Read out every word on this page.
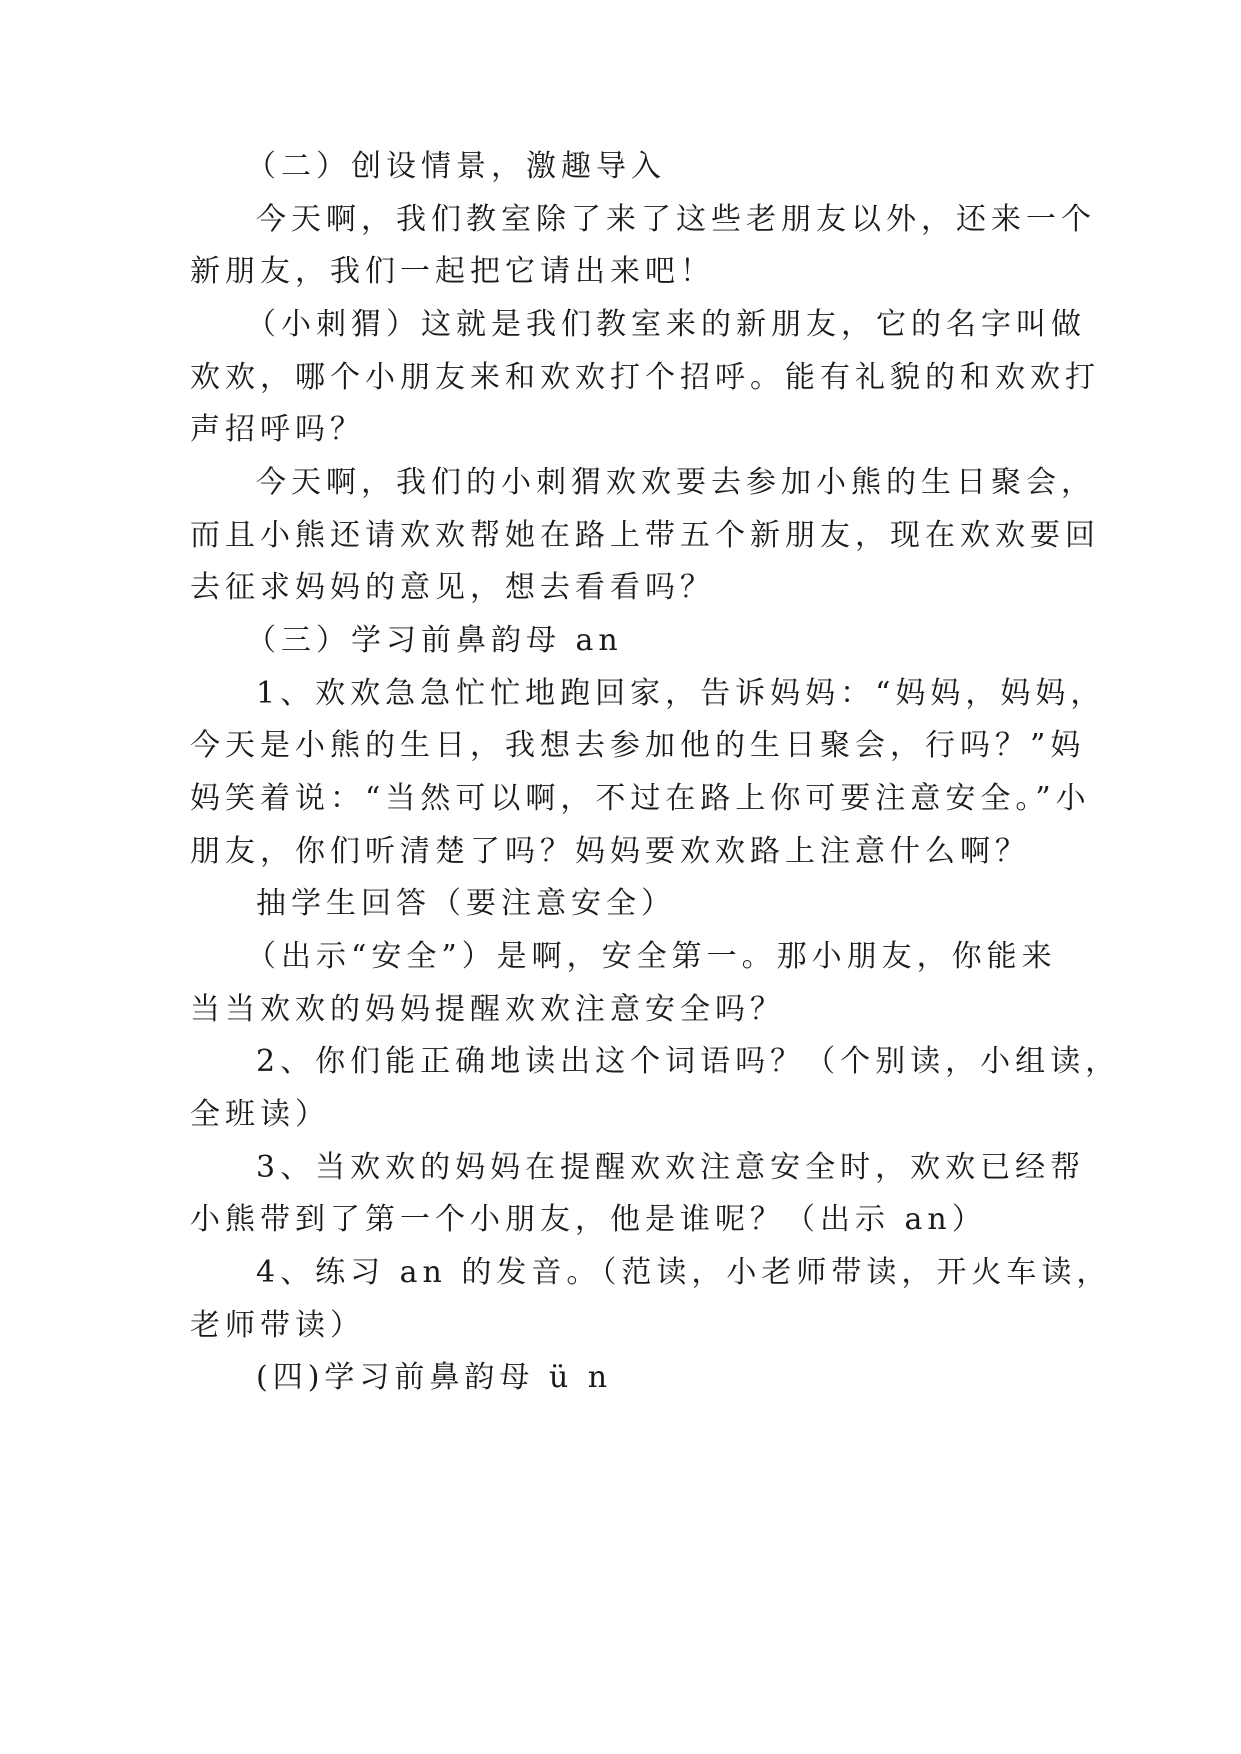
（二）创设情景，激趣导入
今天啊，我们教室除了来了这些老朋友以外，还来一个
新朋友，我们一起把它请出来吧！
（小刺猬）这就是我们教室来的新朋友，它的名字叫做
欢欢，哪个小朋友来和欢欢打个招呼。能有礼貌的和欢欢打
声招呼吗？
今天啊，我们的小刺猬欢欢要去参加小熊的生日聚会，
而且小熊还请欢欢帮她在路上带五个新朋友，现在欢欢要回
去征求妈妈的意见，想去看看吗？
（三）学习前鼻韵母 an
1、欢欢急急忙忙地跑回家，告诉妈妈：“妈妈，妈妈，
今天是小熊的生日，我想去参加他的生日聚会，行吗？”妈
妈笑着说：“当然可以啊，不过在路上你可要注意安全。”小
朋友，你们听清楚了吗？妈妈要欢欢路上注意什么啊？
抽学生回答（要注意安全）
（出示“安全”）是啊，安全第一。那小朋友，你能来
当当欢欢的妈妈提醒欢欢注意安全吗？
2、你们能正确地读出这个词语吗？（个别读，小组读，
全班读）
3、当欢欢的妈妈在提醒欢欢注意安全时，欢欢已经帮
小熊带到了第一个小朋友，他是谁呢？（出示 an）
4、练习 an 的发音。（范读，小老师带读，开火车读，
老师带读）
(四)学习前鼻韵母 ü n
